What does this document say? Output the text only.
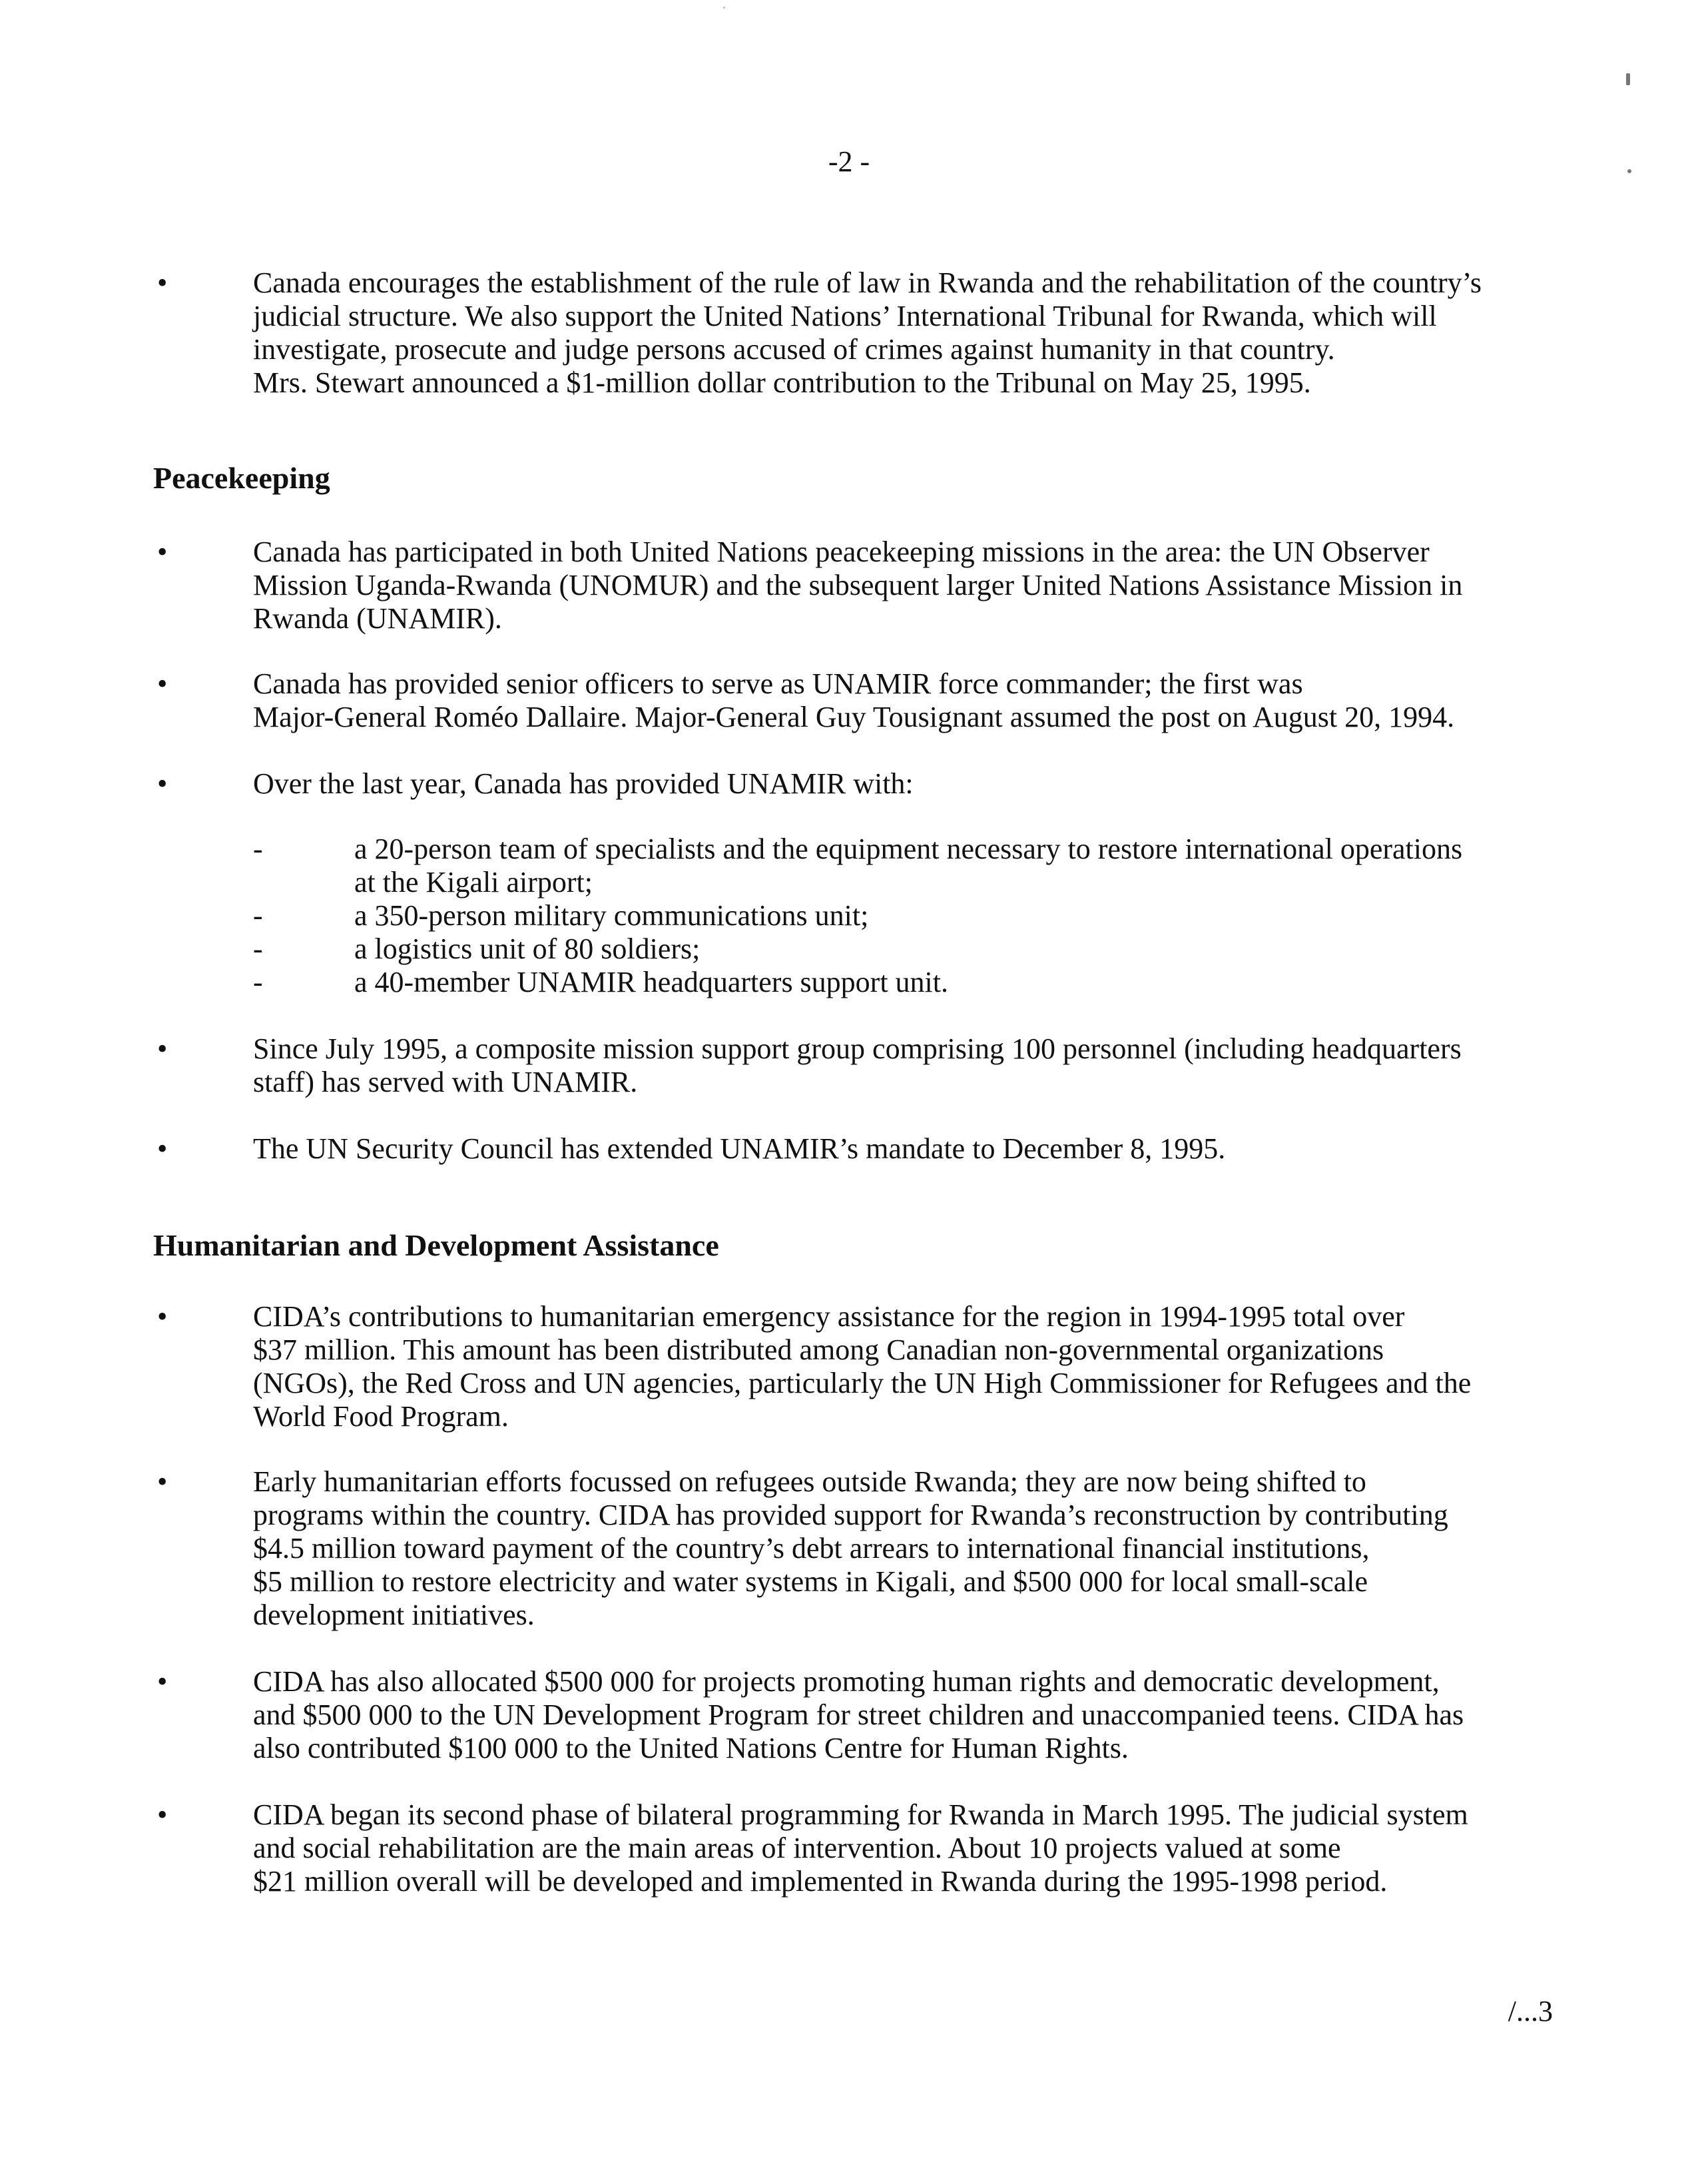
-2 -
•	Canada encourages the establishment of the rule of law in Rwanda and the rehabilitation of the country’s
judicial structure. We also support the United Nations’ International Tribunal for Rwanda, which will
investigate, prosecute and judge persons accused of crimes against humanity in that country.
Mrs. Stewart announced a $1-million dollar contribution to the Tribunal on May 25, 1995.
Peacekeeping
•	Canada has participated in both United Nations peacekeeping missions in the area: the UN Observer
Mission Uganda-Rwanda (UNOMUR) and the subsequent larger United Nations Assistance Mission in
Rwanda (UNAMIR).
•	Canada has provided senior officers to serve as UNAMIR force commander; the first was
Major-General Roméo Dallaire. Major-General Guy Tousignant assumed the post on August 20, 1994.
•	Over the last year, Canada has provided UNAMIR with:
-	a 20-person team of specialists and the equipment necessary to restore international operations
at the Kigali airport;
-	a 350-person military communications unit;
-	a logistics unit of 80 soldiers;
-	a 40-member UNAMIR headquarters support unit.
•	Since July 1995, a composite mission support group comprising 100 personnel (including headquarters
staff) has served with UNAMIR.
•	The UN Security Council has extended UNAMIR’s mandate to December 8, 1995.
Humanitarian and Development Assistance
•	CIDA’s contributions to humanitarian emergency assistance for the region in 1994-1995 total over
$37 million. This amount has been distributed among Canadian non-governmental organizations
(NGOs), the Red Cross and UN agencies, particularly the UN High Commissioner for Refugees and the
World Food Program.
•	Early humanitarian efforts focussed on refugees outside Rwanda; they are now being shifted to
programs within the country. CIDA has provided support for Rwanda’s reconstruction by contributing
$4.5 million toward payment of the country’s debt arrears to international financial institutions,
$5 million to restore electricity and water systems in Kigali, and $500 000 for local small-scale
development initiatives.
•	CIDA has also allocated $500 000 for projects promoting human rights and democratic development,
and $500 000 to the UN Development Program for street children and unaccompanied teens. CIDA has
also contributed $100 000 to the United Nations Centre for Human Rights.
•	CIDA began its second phase of bilateral programming for Rwanda in March 1995. The judicial system
and social rehabilitation are the main areas of intervention. About 10 projects valued at some
$21 million overall will be developed and implemented in Rwanda during the 1995-1998 period.
/...3
